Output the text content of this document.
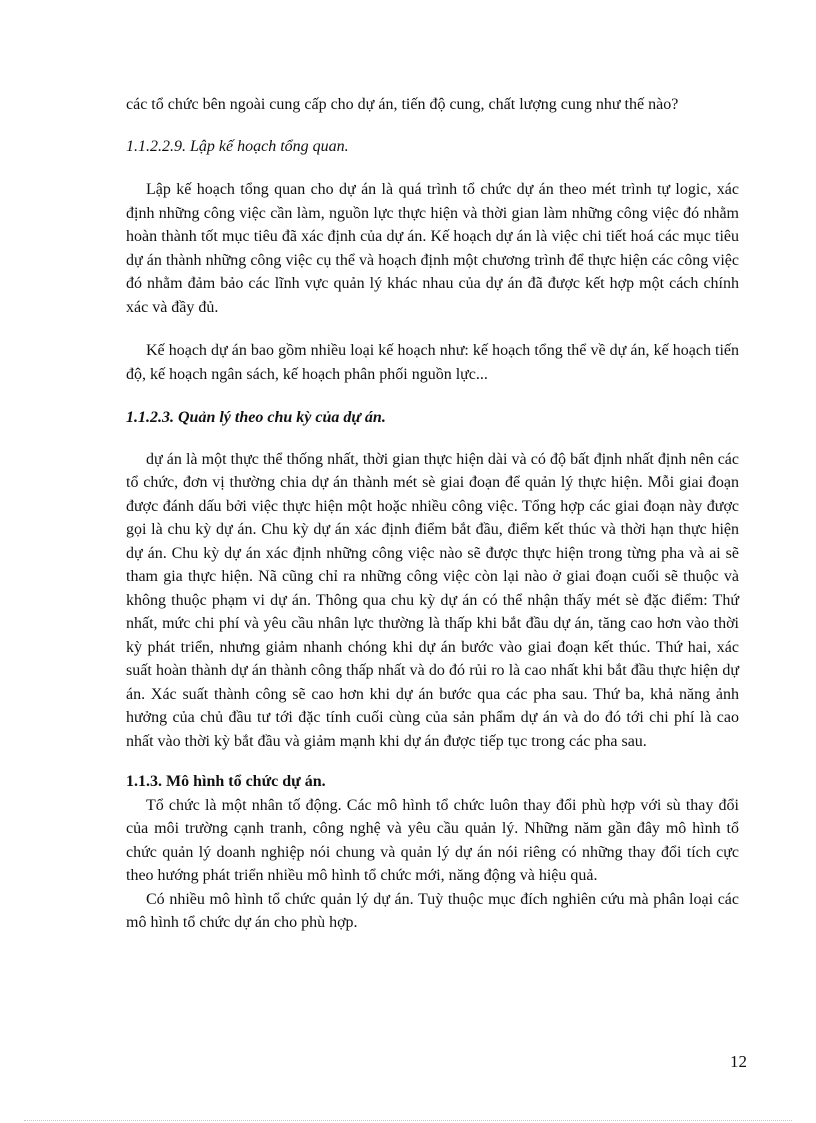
các tổ chức bên ngoài cung cấp cho dự án, tiến độ cung, chất lượng cung như thế nào?

1.1.2.2.9. Lập kế hoạch tổng quan.

Lập kế hoạch tổng quan cho dự án là quá trình tổ chức dự án theo mét trình tự logic, xác định những công việc cần làm, nguồn lực thực hiện và thời gian làm những công việc đó nhằm hoàn thành tốt mục tiêu đã xác định của dự án. Kế hoạch dự án là việc chi tiết hoá các mục tiêu dự án thành những công việc cụ thể và hoạch định một chương trình để thực hiện các công việc đó nhằm đảm bảo các lĩnh vực quản lý khác nhau của dự án đã được kết hợp một cách chính xác và đầy đủ.

Kế hoạch dự án bao gồm nhiều loại kế hoạch như: kế hoạch tổng thể về dự án, kế hoạch tiến độ, kế hoạch ngân sách, kế hoạch phân phối nguồn lực...

1.1.2.3. Quản lý theo chu kỳ của dự án.

dự án là một thực thể thống nhất, thời gian thực hiện dài và có độ bất định nhất định nên các tổ chức, đơn vị thường chia dự án thành mét sè giai đoạn để quản lý thực hiện. Mỗi giai đoạn được đánh dấu bởi việc thực hiện một hoặc nhiều công việc. Tổng hợp các giai đoạn này được gọi là chu kỳ dự án. Chu kỳ dự án xác định điểm bắt đầu, điểm kết thúc và thời hạn thực hiện dự án. Chu kỳ dự án xác định những công việc nào sẽ được thực hiện trong từng pha và ai sẽ tham gia thực hiện. Nã cũng chỉ ra những công việc còn lại nào ở giai đoạn cuối sẽ thuộc và không thuộc phạm vi dự án. Thông qua chu kỳ dự án có thể nhận thấy mét sè đặc điểm: Thứ nhất, mức chi phí và yêu cầu nhân lực thường là thấp khi bắt đầu dự án, tăng cao hơn vào thời kỳ phát triển, nhưng giảm nhanh chóng khi dự án bước vào giai đoạn kết thúc. Thứ hai, xác suất hoàn thành dự án thành công thấp nhất và do đó rủi ro là cao nhất khi bắt đầu thực hiện dự án. Xác suất thành công sẽ cao hơn khi dự án bước qua các pha sau. Thứ ba, khả năng ảnh hưởng của chủ đầu tư tới đặc tính cuối cùng của sản phẩm dự án và do đó tới chi phí là cao nhất vào thời kỳ bắt đầu và giảm mạnh khi dự án được tiếp tục trong các pha sau.

1.1.3. Mô hình tổ chức dự án.

Tổ chức là một nhân tố động. Các mô hình tổ chức luôn thay đổi phù hợp với sù thay đổi của môi trường cạnh tranh, công nghệ và yêu cầu quản lý. Những năm gần đây mô hình tổ chức quản lý doanh nghiệp nói chung và quản lý dự án nói riêng có những thay đổi tích cực theo hướng phát triển nhiều mô hình tổ chức mới, năng động và hiệu quả.

Có nhiều mô hình tổ chức quản lý dự án. Tuỳ thuộc mục đích nghiên cứu mà phân loại các mô hình tổ chức dự án cho phù hợp.

12
